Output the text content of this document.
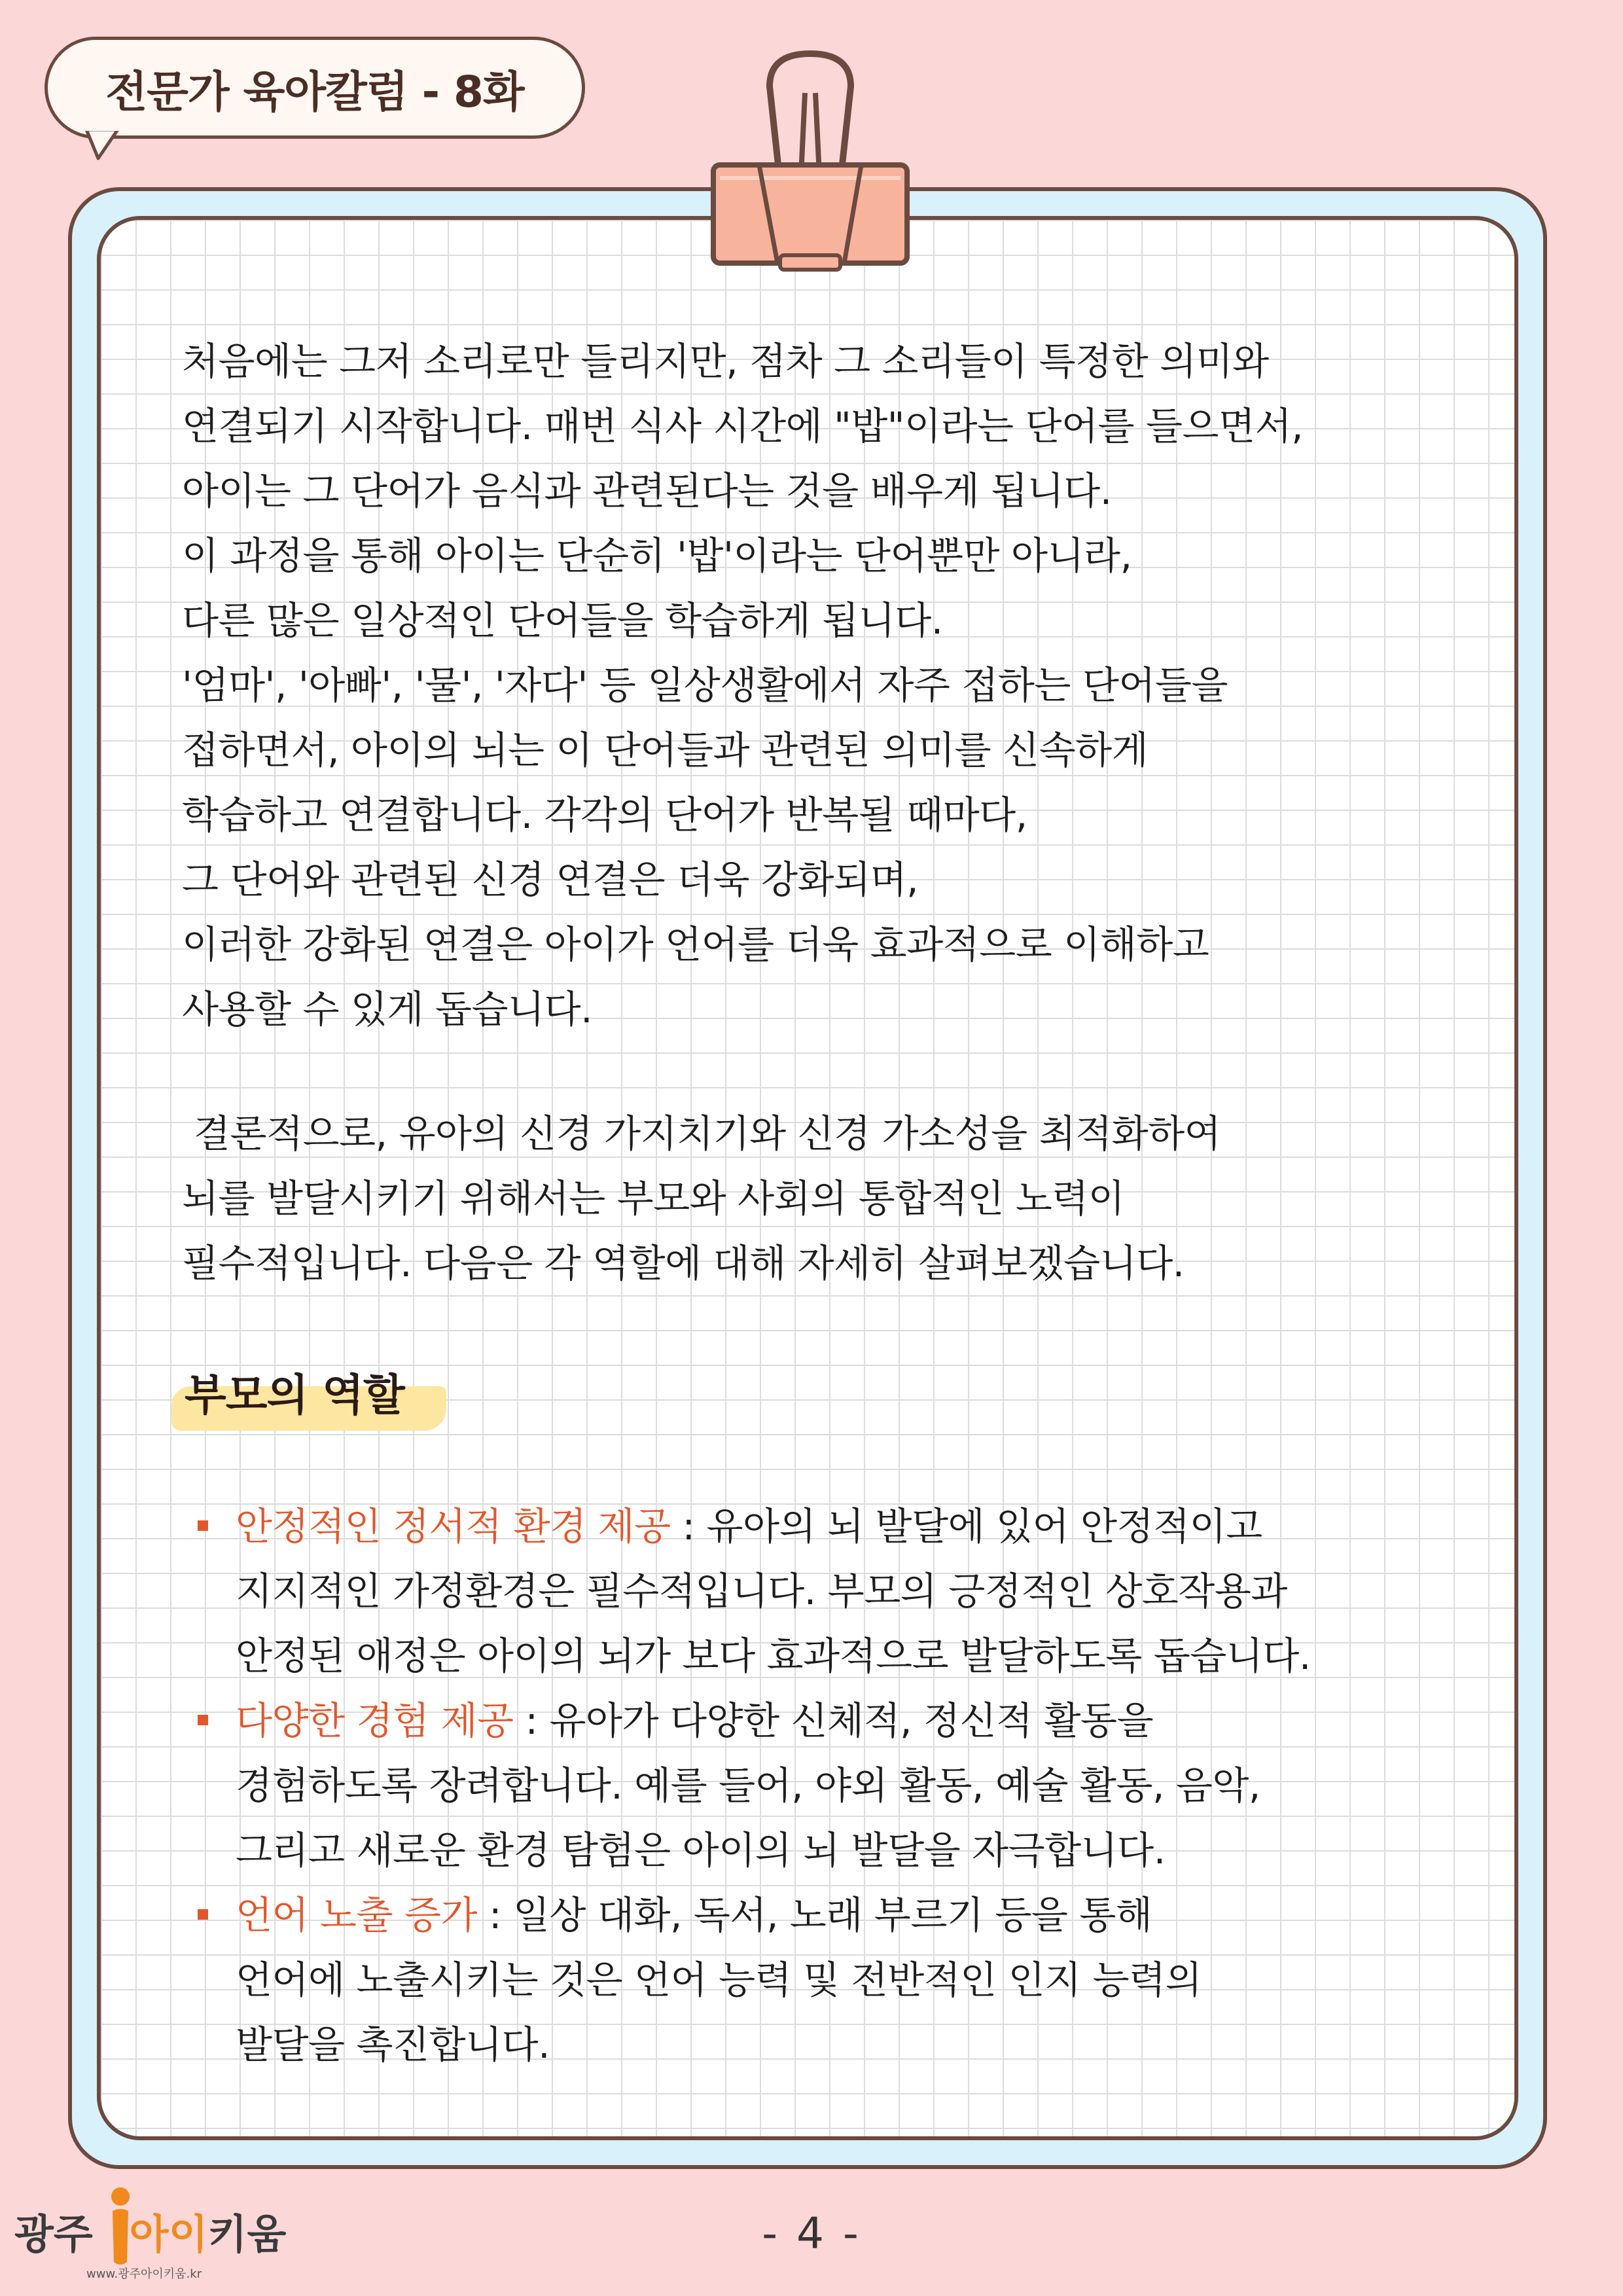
전문가 육아칼럼 - 8화
처음에는 그저 소리로만 들리지만, 점차 그 소리들이 특정한 의미와
연결되기 시작합니다. 매번 식사 시간에 "밥"이라는 단어를 들으면서,
아이는 그 단어가 음식과 관련된다는 것을 배우게 됩니다.
이 과정을 통해 아이는 단순히 '밥'이라는 단어뿐만 아니라,
다른 많은 일상적인 단어들을 학습하게 됩니다.
'엄마', '아빠', '물', '자다' 등 일상생활에서 자주 접하는 단어들을
접하면서, 아이의 뇌는 이 단어들과 관련된 의미를 신속하게
학습하고 연결합니다. 각각의 단어가 반복될 때마다,
그 단어와 관련된 신경 연결은 더욱 강화되며,
이러한 강화된 연결은 아이가 언어를 더욱 효과적으로 이해하고
사용할 수 있게 돕습니다.
결론적으로, 유아의 신경 가지치기와 신경 가소성을 최적화하여
뇌를 발달시키기 위해서는 부모와 사회의 통합적인 노력이
필수적입니다. 다음은 각 역할에 대해 자세히 살펴보겠습니다.
부모의 역할
안정적인 정서적 환경 제공 : 유아의 뇌 발달에 있어 안정적이고
지지적인 가정환경은 필수적입니다. 부모의 긍정적인 상호작용과
안정된 애정은 아이의 뇌가 보다 효과적으로 발달하도록 돕습니다.
다양한 경험 제공 : 유아가 다양한 신체적, 정신적 활동을
경험하도록 장려합니다. 예를 들어, 야외 활동, 예술 활동, 음악,
그리고 새로운 환경 탐험은 아이의 뇌 발달을 자극합니다.
언어 노출 증가 : 일상 대화, 독서, 노래 부르기 등을 통해
언어에 노출시키는 것은 언어 능력 및 전반적인 인지 능력의
발달을 촉진합니다.
광주 아이키움
www.광주아이키움.kr
- 4 -
